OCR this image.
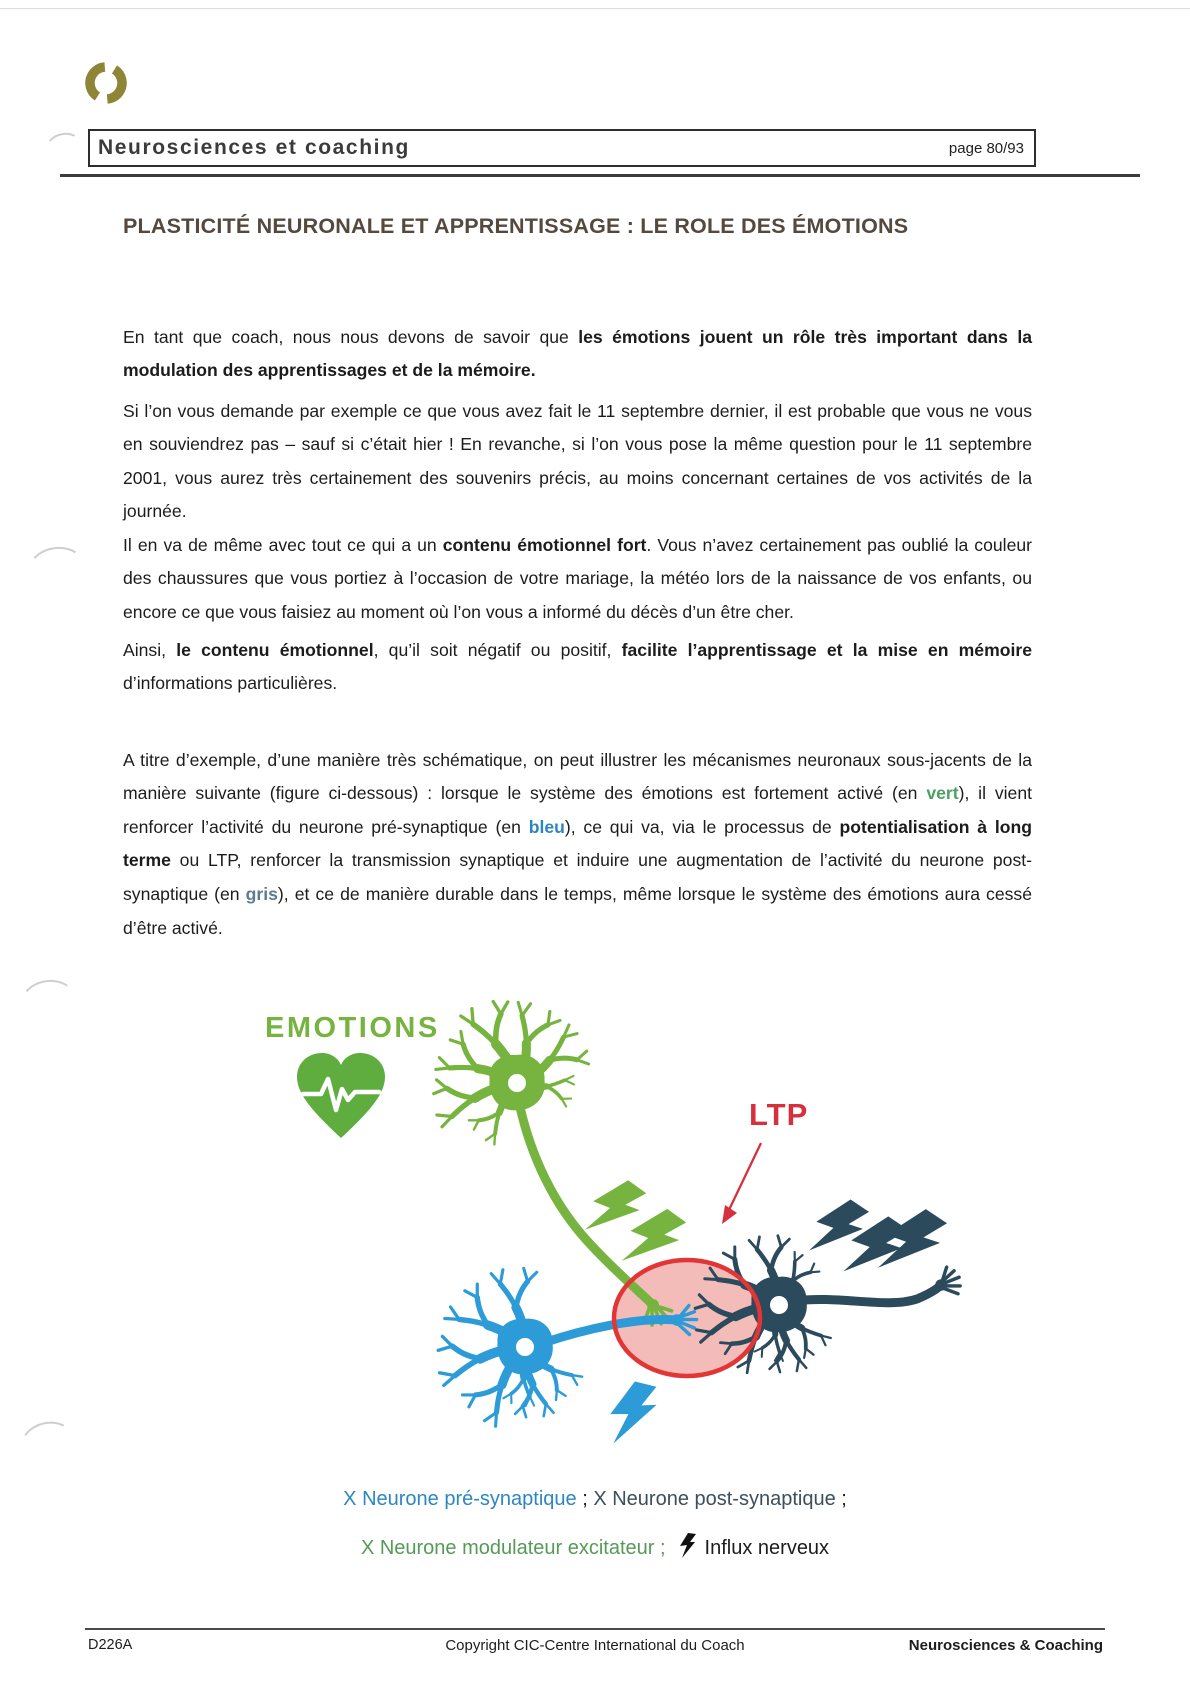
Neurosciences et coaching	page 80/93
PLASTICITÉ NEURONALE ET APPRENTISSAGE : LE ROLE DES ÉMOTIONS

En tant que coach, nous nous devons de savoir que les émotions jouent un rôle très important dans la modulation des apprentissages et de la mémoire.

Si l’on vous demande par exemple ce que vous avez fait le 11 septembre dernier, il est probable que vous ne vous en souviendrez pas – sauf si c’était hier ! En revanche, si l’on vous pose la même question pour le 11 septembre 2001, vous aurez très certainement des souvenirs précis, au moins concernant certaines de vos activités de la journée.

Il en va de même avec tout ce qui a un contenu émotionnel fort. Vous n’avez certainement pas oublié la couleur des chaussures que vous portiez à l’occasion de votre mariage, la météo lors de la naissance de vos enfants, ou encore ce que vous faisiez au moment où l’on vous a informé du décès d’un être cher.

Ainsi, le contenu émotionnel, qu’il soit négatif ou positif, facilite l’apprentissage et la mise en mémoire d’informations particulières.

A titre d’exemple, d’une manière très schématique, on peut illustrer les mécanismes neuronaux sous-jacents de la manière suivante (figure ci-dessous) : lorsque le système des émotions est fortement activé (en vert), il vient renforcer l’activité du neurone pré-synaptique (en bleu), ce qui va, via le processus de potentialisation à long terme ou LTP, renforcer la transmission synaptique et induire une augmentation de l’activité du neurone post-synaptique (en gris), et ce de manière durable dans le temps, même lorsque le système des émotions aura cessé d’être activé.

EMOTIONS
LTP
X Neurone pré-synaptique ; X Neurone post-synaptique ;
X Neurone modulateur excitateur ; Influx nerveux
D226A	Copyright CIC-Centre International du Coach	Neurosciences & Coaching
